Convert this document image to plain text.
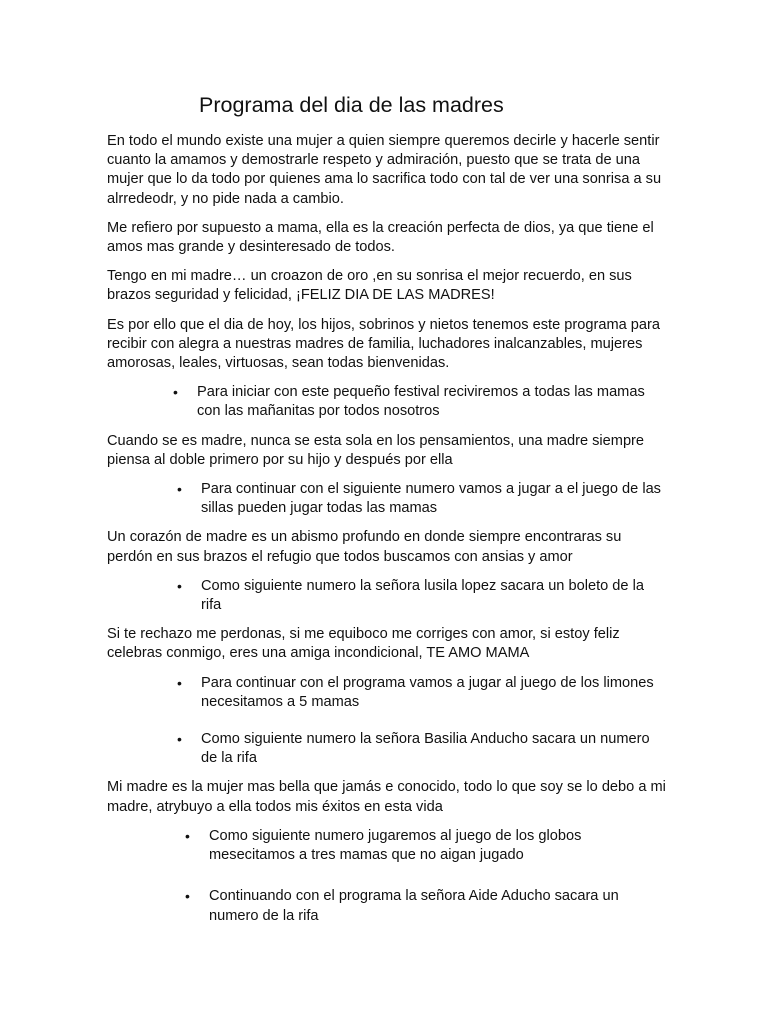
Programa del dia de las madres

En todo el mundo existe una mujer a quien siempre queremos decirle y hacerle sentir cuanto la amamos y demostrarle respeto y admiración, puesto que se trata de una mujer que lo da todo por quienes ama lo sacrifica todo con tal de ver una sonrisa a su alrredeodr, y no pide nada a cambio.

Me refiero por supuesto a mama, ella es la creación perfecta de dios, ya que tiene el amos mas grande y desinteresado de todos.

Tengo en mi madre… un croazon de oro ,en su sonrisa el mejor recuerdo, en sus brazos seguridad y felicidad, ¡FELIZ DIA DE LAS MADRES!

Es por ello que el dia de hoy, los hijos, sobrinos y nietos tenemos este programa para recibir con alegra a nuestras madres de familia, luchadores inalcanzables, mujeres amorosas, leales, virtuosas, sean todas bienvenidas.

• Para iniciar con este pequeño festival reciviremos a todas las mamas con las mañanitas por todos nosotros

Cuando se es madre, nunca se esta sola en los pensamientos, una madre siempre piensa al doble primero por su hijo y después por ella

• Para continuar con el siguiente numero vamos a jugar a el juego de las sillas pueden jugar todas las mamas

Un corazón de madre es un abismo profundo en donde siempre encontraras su perdón en sus brazos el refugio que todos buscamos con ansias y amor

• Como siguiente numero la señora lusila lopez sacara un boleto de la rifa

Si te rechazo me perdonas, si me equiboco me corriges con amor, si estoy feliz celebras conmigo, eres una amiga incondicional, TE AMO MAMA

• Para continuar con el programa vamos a jugar al juego de los limones necesitamos a 5 mamas
• Como siguiente numero la señora Basilia Anducho sacara un numero de la rifa

Mi madre es la mujer mas bella que jamás e conocido, todo lo que soy se lo debo a mi madre, atrybuyo a ella todos mis éxitos en esta vida

• Como siguiente numero jugaremos al juego de los globos mesecitamos a tres mamas que no aigan jugado
• Continuando con el programa la señora Aide Aducho sacara un numero de la rifa
